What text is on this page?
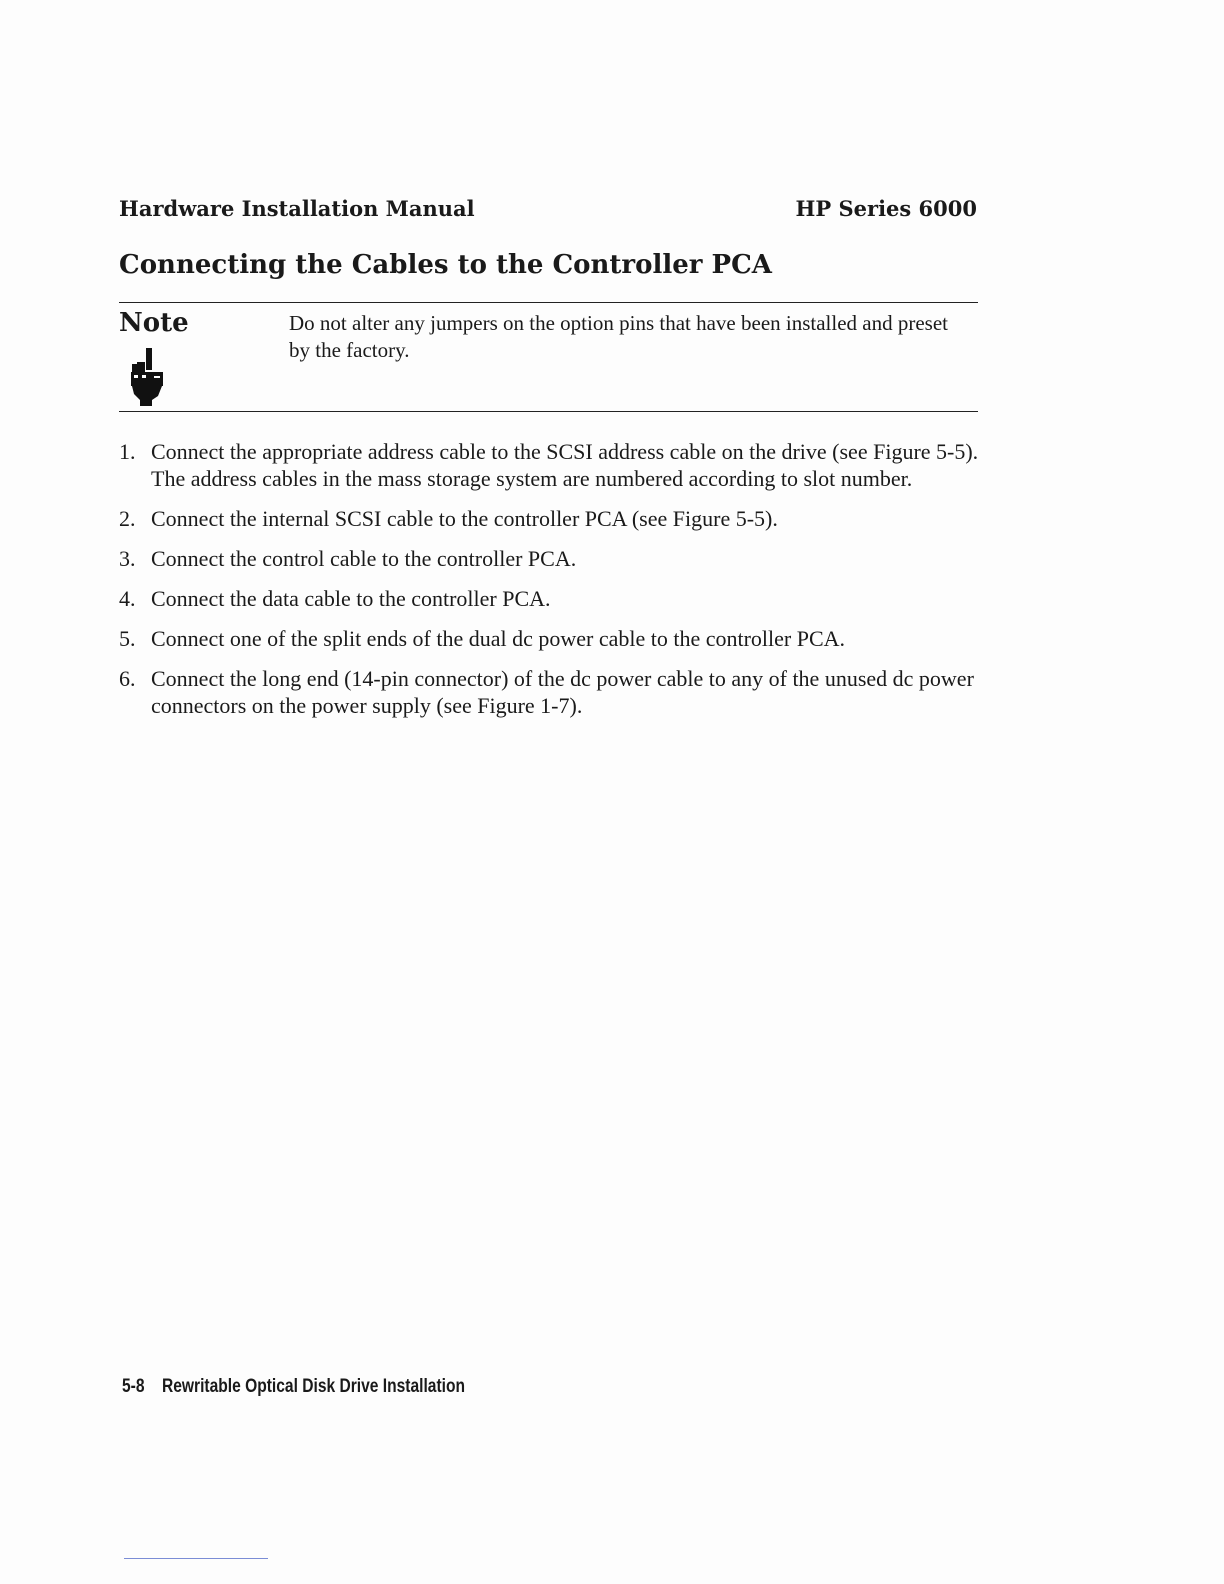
Hardware Installation Manual	HP Series 6000
Connecting the Cables to the Controller PCA
Note	Do not alter any jumpers on the option pins that have been installed and preset by the factory.
1. Connect the appropriate address cable to the SCSI address cable on the drive (see Figure 5-5). The address cables in the mass storage system are numbered according to slot number.
2. Connect the internal SCSI cable to the controller PCA (see Figure 5-5).
3. Connect the control cable to the controller PCA.
4. Connect the data cable to the controller PCA.
5. Connect one of the split ends of the dual dc power cable to the controller PCA.
6. Connect the long end (14-pin connector) of the dc power cable to any of the unused dc power connectors on the power supply (see Figure 1-7).
5-8 Rewritable Optical Disk Drive Installation
